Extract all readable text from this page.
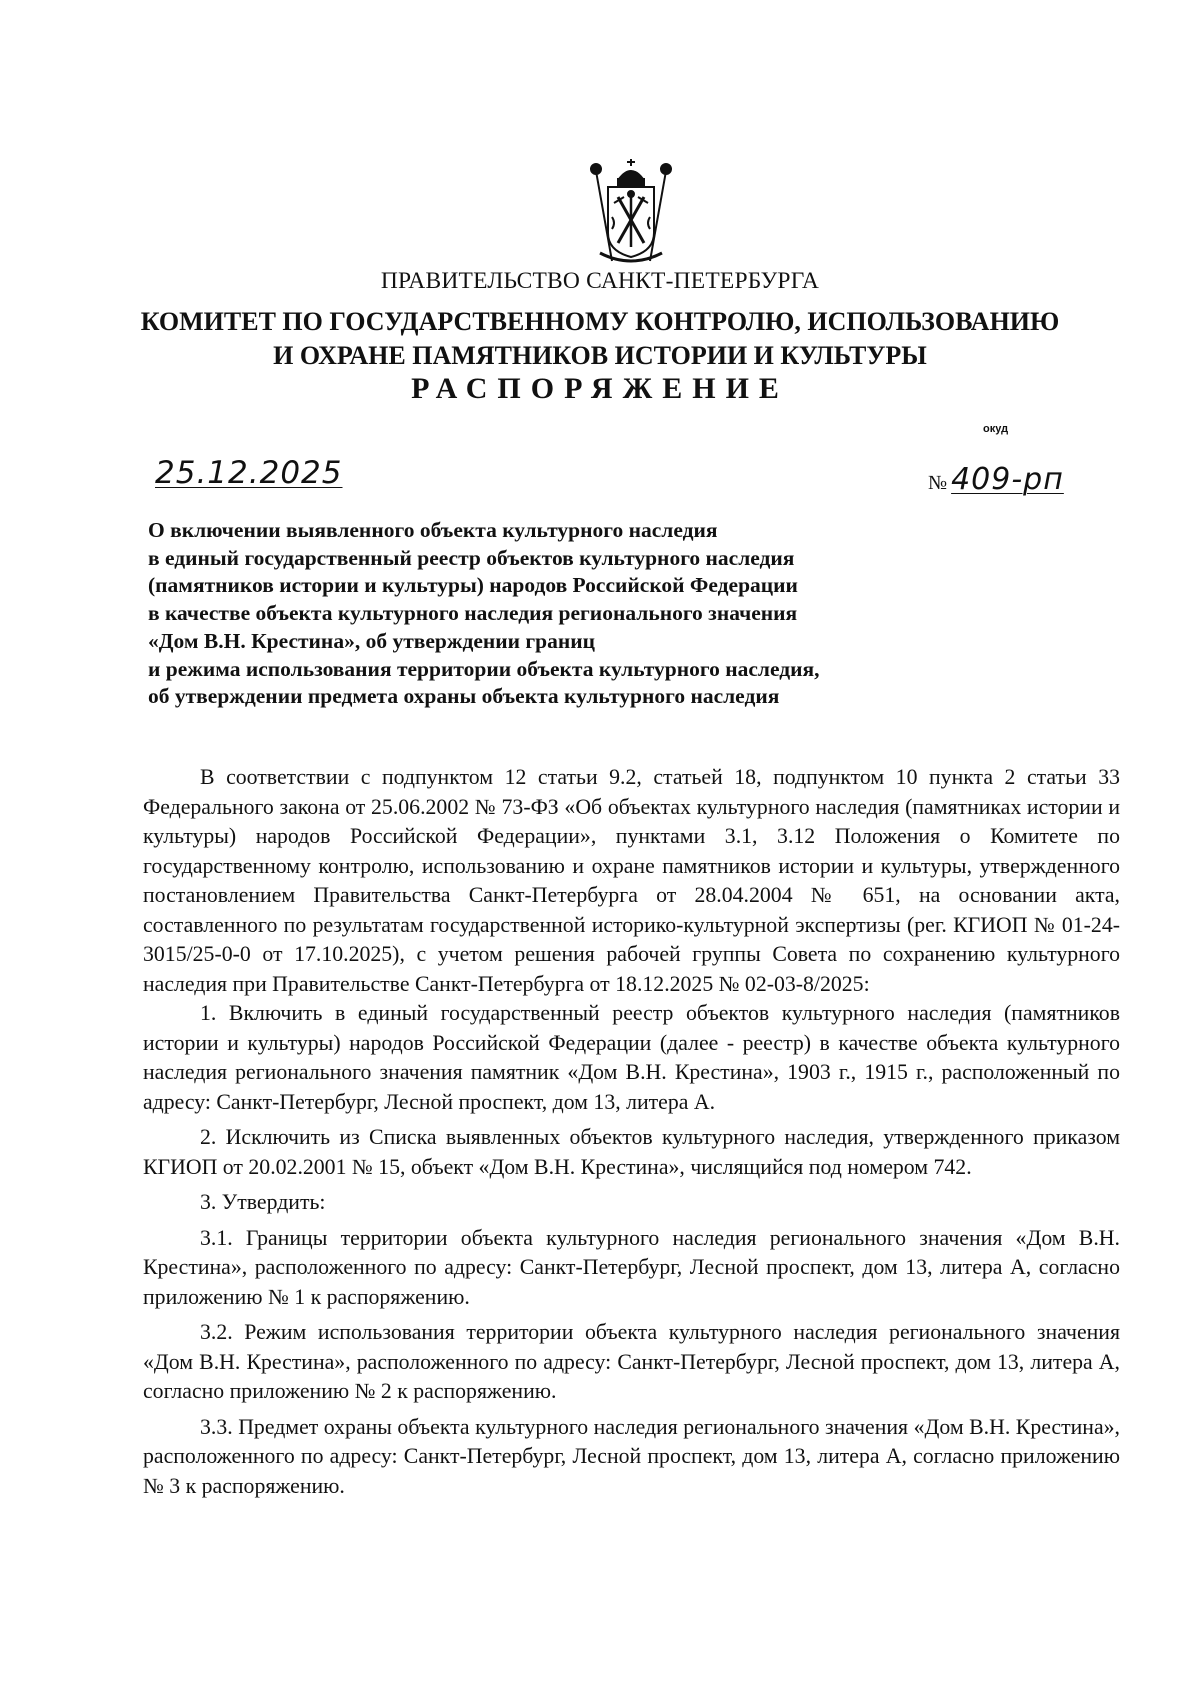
ПРАВИТЕЛЬСТВО САНКТ-ПЕТЕРБУРГА
КОМИТЕТ ПО ГОСУДАРСТВЕННОМУ КОНТРОЛЮ, ИСПОЛЬЗОВАНИЮ
И ОХРАНЕ ПАМЯТНИКОВ ИСТОРИИ И КУЛЬТУРЫ
РАСПОРЯЖЕНИЕ
окуд
25.12.2025	№ 409-рп
О включении выявленного объекта культурного наследия
в единый государственный реестр объектов культурного наследия
(памятников истории и культуры) народов Российской Федерации
в качестве объекта культурного наследия регионального значения
«Дом В.Н. Крестина», об утверждении границ
и режима использования территории объекта культурного наследия,
об утверждении предмета охраны объекта культурного наследия

В соответствии с подпунктом 12 статьи 9.2, статьей 18, подпунктом 10 пункта 2 статьи 33 Федерального закона от 25.06.2002 № 73-ФЗ «Об объектах культурного наследия (памятниках истории и культуры) народов Российской Федерации», пунктами 3.1, 3.12 Положения о Комитете по государственному контролю, использованию и охране памятников истории и культуры, утвержденного постановлением Правительства Санкт-Петербурга от 28.04.2004 № 651, на основании акта, составленного по результатам государственной историко-культурной экспертизы (рег. КГИОП № 01-24-3015/25-0-0 от 17.10.2025), с учетом решения рабочей группы Совета по сохранению культурного наследия при Правительстве Санкт-Петербурга от 18.12.2025 № 02-03-8/2025:

1. Включить в единый государственный реестр объектов культурного наследия (памятников истории и культуры) народов Российской Федерации (далее - реестр) в качестве объекта культурного наследия регионального значения памятник «Дом В.Н. Крестина», 1903 г., 1915 г., расположенный по адресу: Санкт-Петербург, Лесной проспект, дом 13, литера А.

2. Исключить из Списка выявленных объектов культурного наследия, утвержденного приказом КГИОП от 20.02.2001 № 15, объект «Дом В.Н. Крестина», числящийся под номером 742.

3. Утвердить:

3.1. Границы территории объекта культурного наследия регионального значения «Дом В.Н. Крестина», расположенного по адресу: Санкт-Петербург, Лесной проспект, дом 13, литера А, согласно приложению № 1 к распоряжению.

3.2. Режим использования территории объекта культурного наследия регионального значения «Дом В.Н. Крестина», расположенного по адресу: Санкт-Петербург, Лесной проспект, дом 13, литера А, согласно приложению № 2 к распоряжению.

3.3. Предмет охраны объекта культурного наследия регионального значения «Дом В.Н. Крестина», расположенного по адресу: Санкт-Петербург, Лесной проспект, дом 13, литера А, согласно приложению № 3 к распоряжению.
